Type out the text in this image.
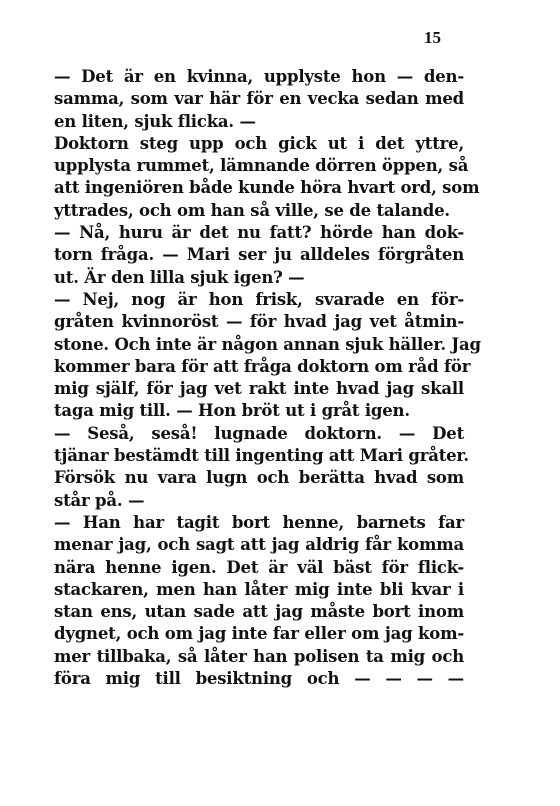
15
— Det är en kvinna, upplyste hon — den-
samma, som var här för en vecka sedan med
en liten, sjuk flicka. —
Doktorn steg upp och gick ut i det yttre,
upplysta rummet, lämnande dörren öppen, så
att ingeniören både kunde höra hvart ord, som
yttrades, och om han så ville, se de talande.
— Nå, huru är det nu fatt? hörde han dok-
torn fråga. — Mari ser ju alldeles förgråten
ut. Är den lilla sjuk igen? —
— Nej, nog är hon frisk, svarade en för-
gråten kvinnoröst — för hvad jag vet åtmin-
stone. Och inte är någon annan sjuk häller. Jag
kommer bara för att fråga doktorn om råd för
mig själf, för jag vet rakt inte hvad jag skall
taga mig till. — Hon bröt ut i gråt igen.
— Seså, seså! lugnade doktorn. — Det
tjänar bestämdt till ingenting att Mari gråter.
Försök nu vara lugn och berätta hvad som
står på. —
— Han har tagit bort henne, barnets far
menar jag, och sagt att jag aldrig får komma
nära henne igen. Det är väl bäst för flick-
stackaren, men han låter mig inte bli kvar i
stan ens, utan sade att jag måste bort inom
dygnet, och om jag inte far eller om jag kom-
mer tillbaka, så låter han polisen ta mig och
föra mig till besiktning och — — — —
